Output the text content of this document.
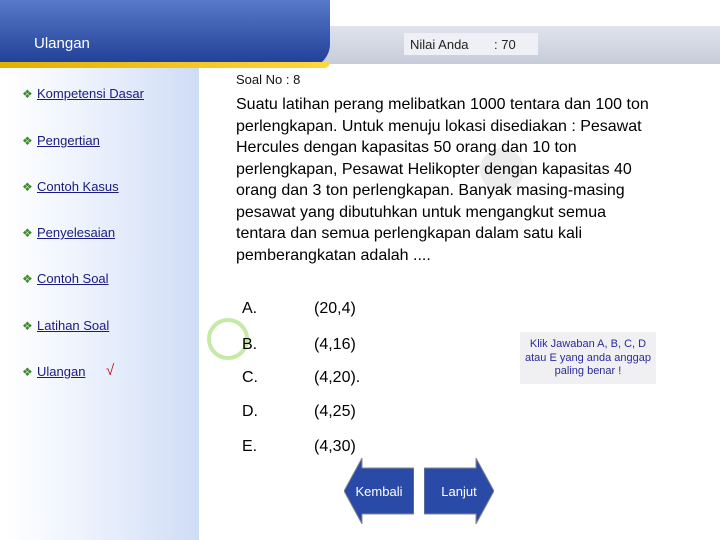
Ulangan	Nilai Anda : 70
❖ Kompetensi Dasar
❖ Pengertian
❖ Contoh Kasus
❖ Penyelesaian
❖ Contoh Soal
❖ Latihan Soal
❖ Ulangan √
Soal No : 8

Suatu latihan perang melibatkan 1000 tentara dan 100 ton perlengkapan. Untuk menuju lokasi disediakan : Pesawat Hercules dengan kapasitas 50 orang dan 10 ton perlengkapan, Pesawat Helikopter dengan kapasitas 40 orang dan 3 ton perlengkapan. Banyak masing-masing pesawat yang dibutuhkan untuk mengangkut semua tentara dan semua perlengkapan dalam satu kali pemberangkatan adalah ....

A.	(20,4)
B.	(4,16)
C.	(4,20).
D.	(4,25)
E.	(4,30)
Klik Jawaban A, B, C, D atau E yang anda anggap paling benar !
Kembali	Lanjut
